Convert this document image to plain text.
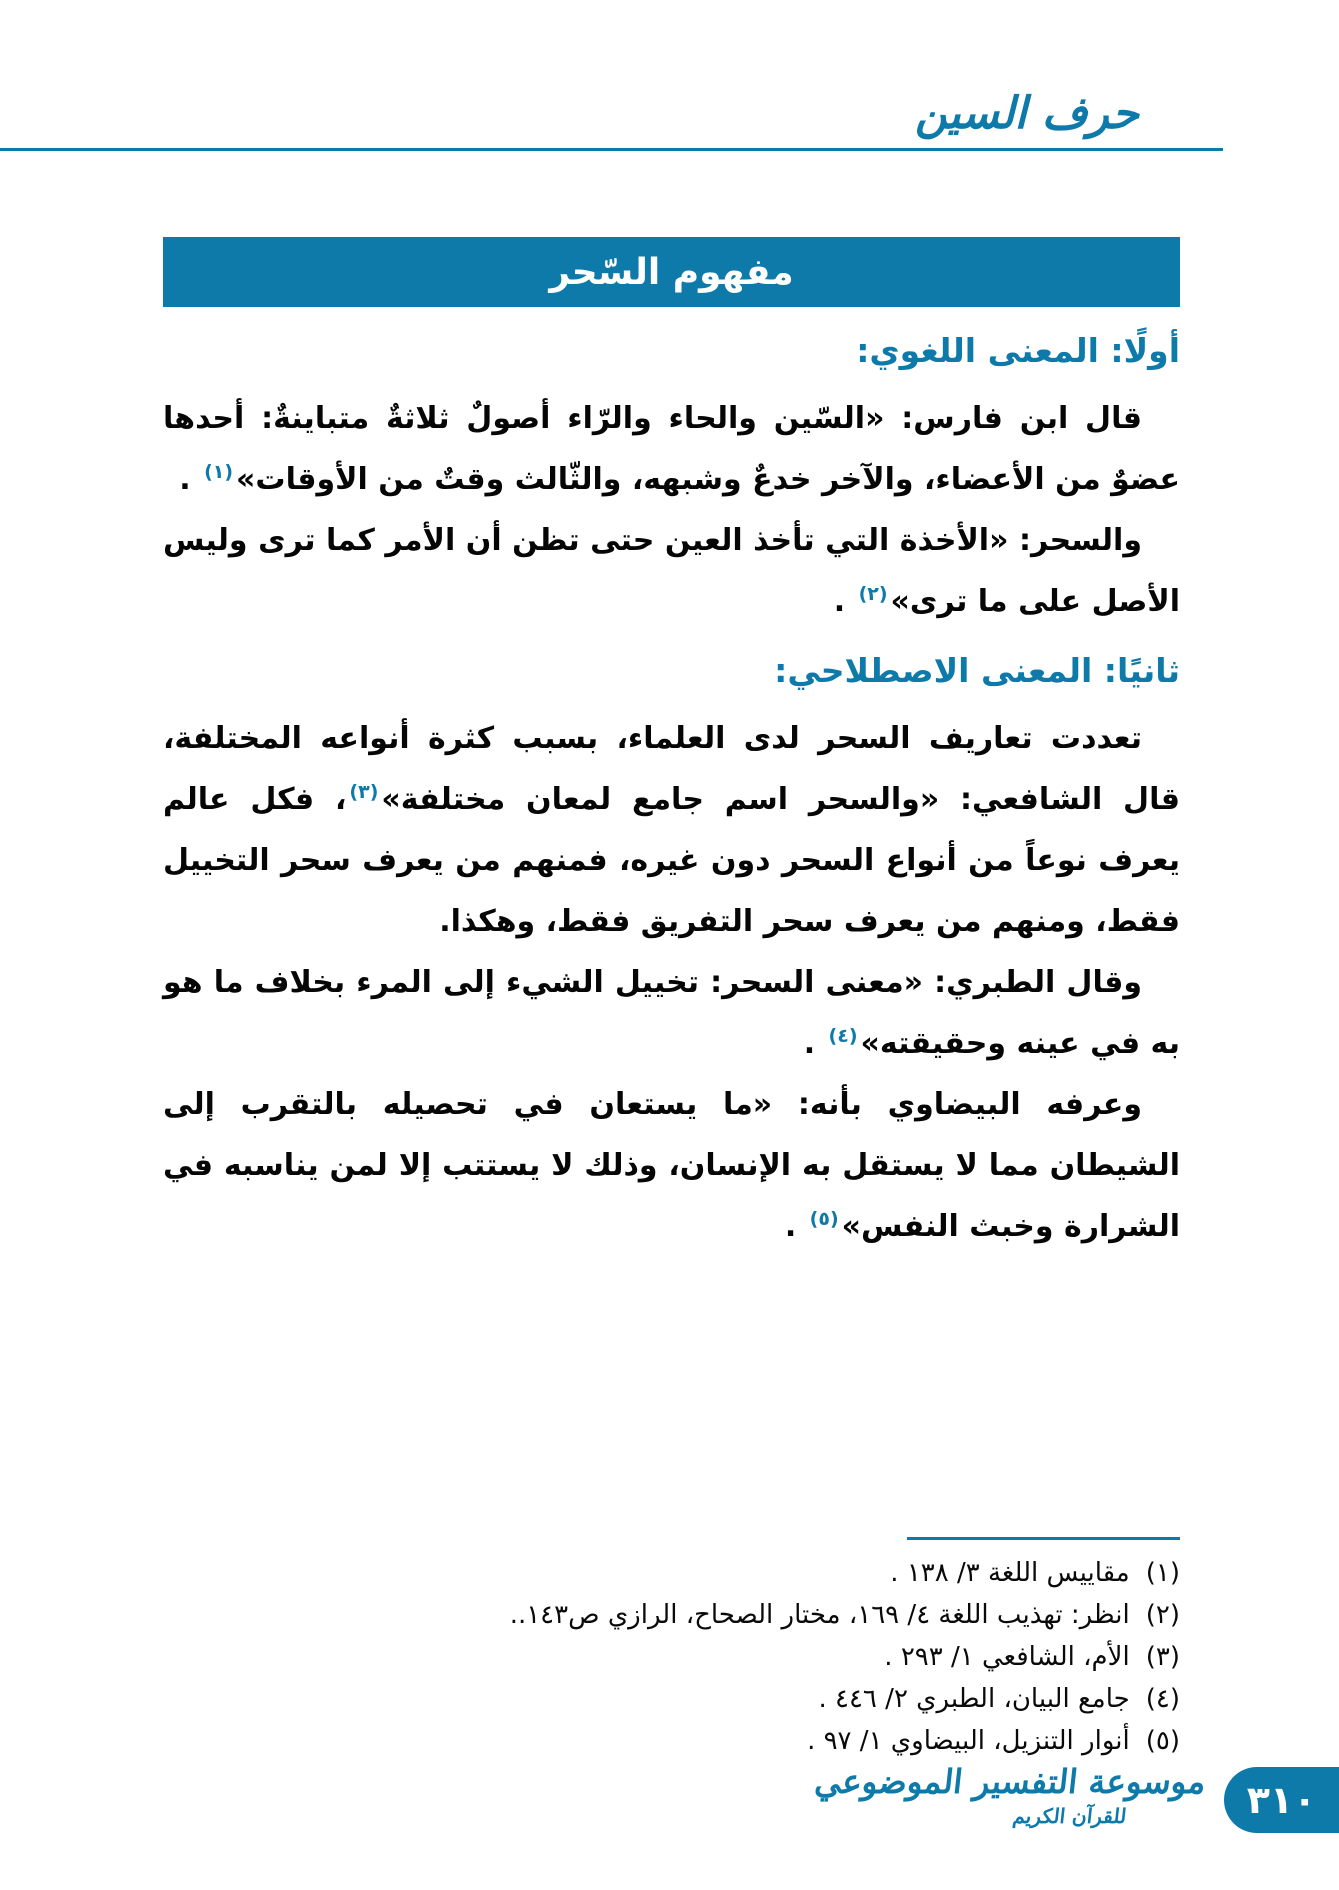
حرف السين
مفهوم السّحر
أولًا: المعنى اللغوي:

قال ابن فارس: «السّين والحاء والرّاء أصولٌ ثلاثةٌ متباينةٌ: أحدها عضوٌ من الأعضاء، والآخر خدعٌ وشبهه، والثّالث وقتٌ من الأوقات»$^{(١)}$ .

والسحر: «الأخذة التي تأخذ العين حتى تظن أن الأمر كما ترى وليس الأصل على ما ترى»$^{(٢)}$ .

ثانيًا: المعنى الاصطلاحي:

تعددت تعاريف السحر لدى العلماء، بسبب كثرة أنواعه المختلفة، قال الشافعي: «والسحر اسم جامع لمعان مختلفة»$^{(٣)}$، فكل عالم يعرف نوعاً من أنواع السحر دون غيره، فمنهم من يعرف سحر التخييل فقط، ومنهم من يعرف سحر التفريق فقط، وهكذا.

وقال الطبري: «معنى السحر: تخييل الشيء إلى المرء بخلاف ما هو به في عينه وحقيقته»$^{(٤)}$ .

وعرفه البيضاوي بأنه: «ما يستعان في تحصيله بالتقرب إلى الشيطان مما لا يستقل به الإنسان، وذلك لا يستتب إلا لمن يناسبه في الشرارة وخبث النفس»$^{(٥)}$ .

(١)
مقاييس اللغة ٣/ ١٣٨ .
(٢)
انظر: تهذيب اللغة ٤/ ١٦٩، مختار الصحاح، الرازي ص١٤٣..
(٣)
الأم، الشافعي ١/ ٢٩٣ .
(٤)
جامع البيان، الطبري ٢/ ٤٤٦ .
(٥)
أنوار التنزيل، البيضاوي ١/ ٩٧ .
موسوعة التفسير الموضوعي
للقرآن الكريم	٣١٠
